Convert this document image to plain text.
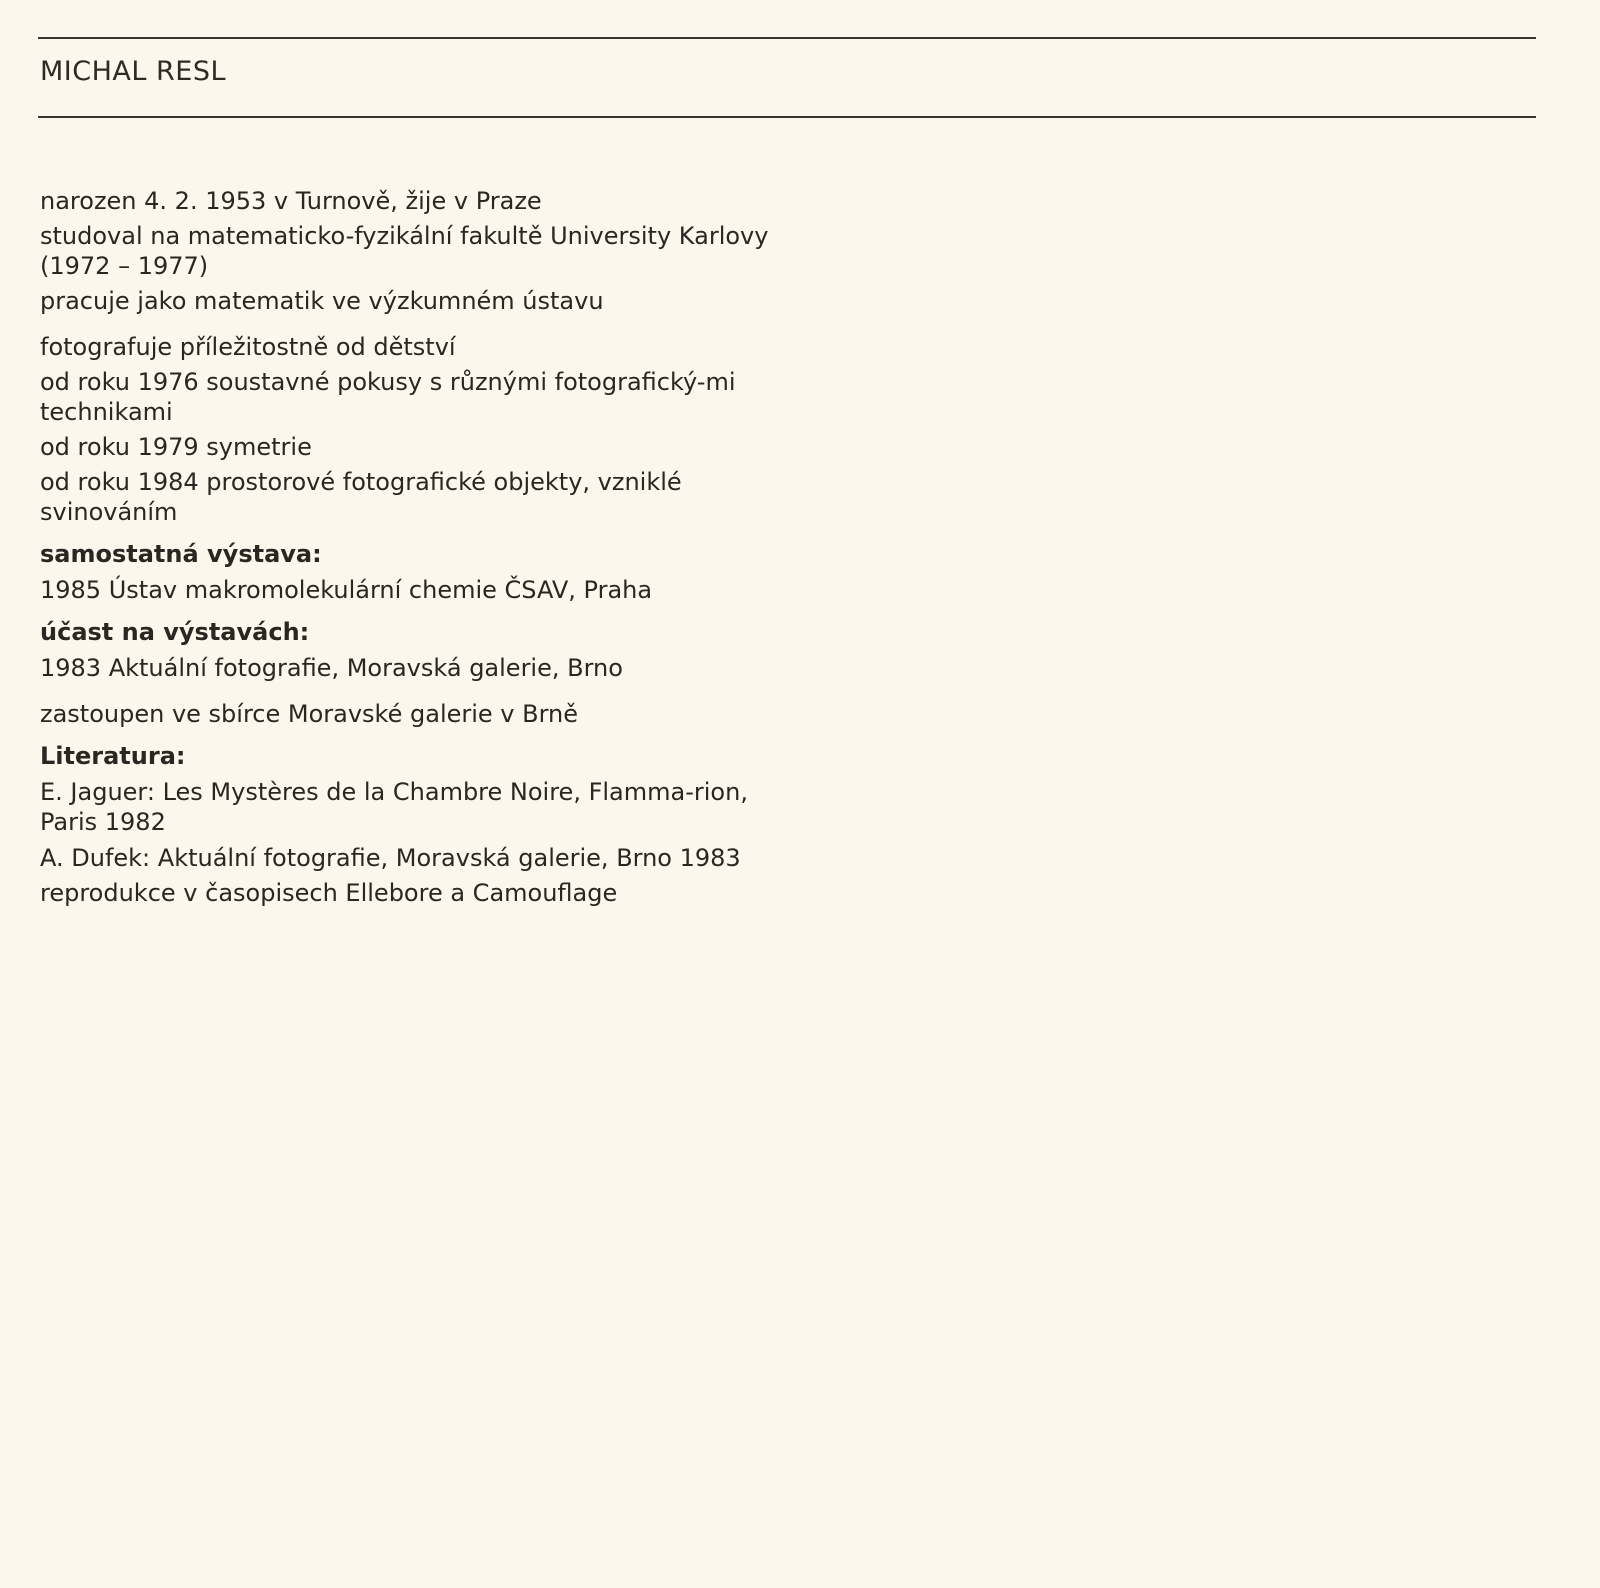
MICHAL RESL

narozen 4. 2. 1953 v Turnově, žije v Praze

studoval na matematicko-fyzikální fakultě University Karlovy (1972 – 1977)

pracuje jako matematik ve výzkumném ústavu

fotografuje příležitostně od dětství

od roku 1976 soustavné pokusy s různými fotografický-mi technikami

od roku 1979 symetrie

od roku 1984 prostorové fotografické objekty, vzniklé svinováním

samostatná výstava:

1985 Ústav makromolekulární chemie ČSAV, Praha

účast na výstavách:

1983 Aktuální fotografie, Moravská galerie, Brno

zastoupen ve sbírce Moravské galerie v Brně

Literatura:

E. Jaguer: Les Mystères de la Chambre Noire, Flamma-rion, Paris 1982

A. Dufek: Aktuální fotografie, Moravská galerie, Brno 1983

reprodukce v časopisech Ellebore a Camouflage
